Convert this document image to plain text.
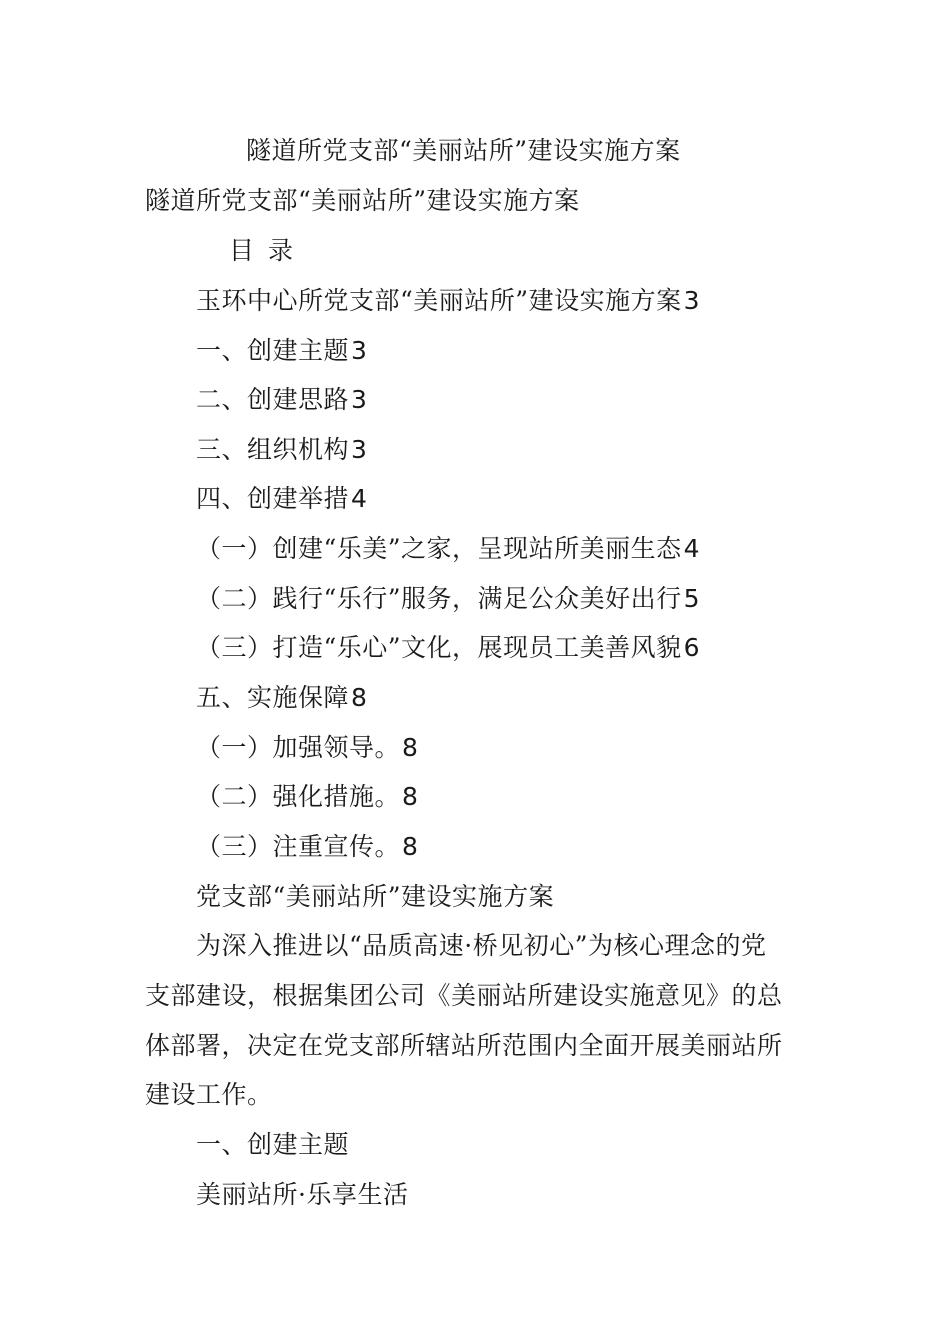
隧道所党支部“美丽站所”建设实施方案
隧道所党支部“美丽站所”建设实施方案
目 录
玉环中心所党支部“美丽站所”建设实施方案3
一、创建主题3
二、创建思路3
三、组织机构3
四、创建举措4
（一）创建“乐美”之家，呈现站所美丽生态4
（二）践行“乐行”服务，满足公众美好出行5
（三）打造“乐心”文化，展现员工美善风貌6
五、实施保障8
（一）加强领导。8
（二）强化措施。8
（三）注重宣传。8
党支部“美丽站所”建设实施方案
为深入推进以“品质高速·桥见初心”为核心理念的党
支部建设，根据集团公司《美丽站所建设实施意见》的总
体部署，决定在党支部所辖站所范围内全面开展美丽站所
建设工作。
一、创建主题
美丽站所·乐享生活
